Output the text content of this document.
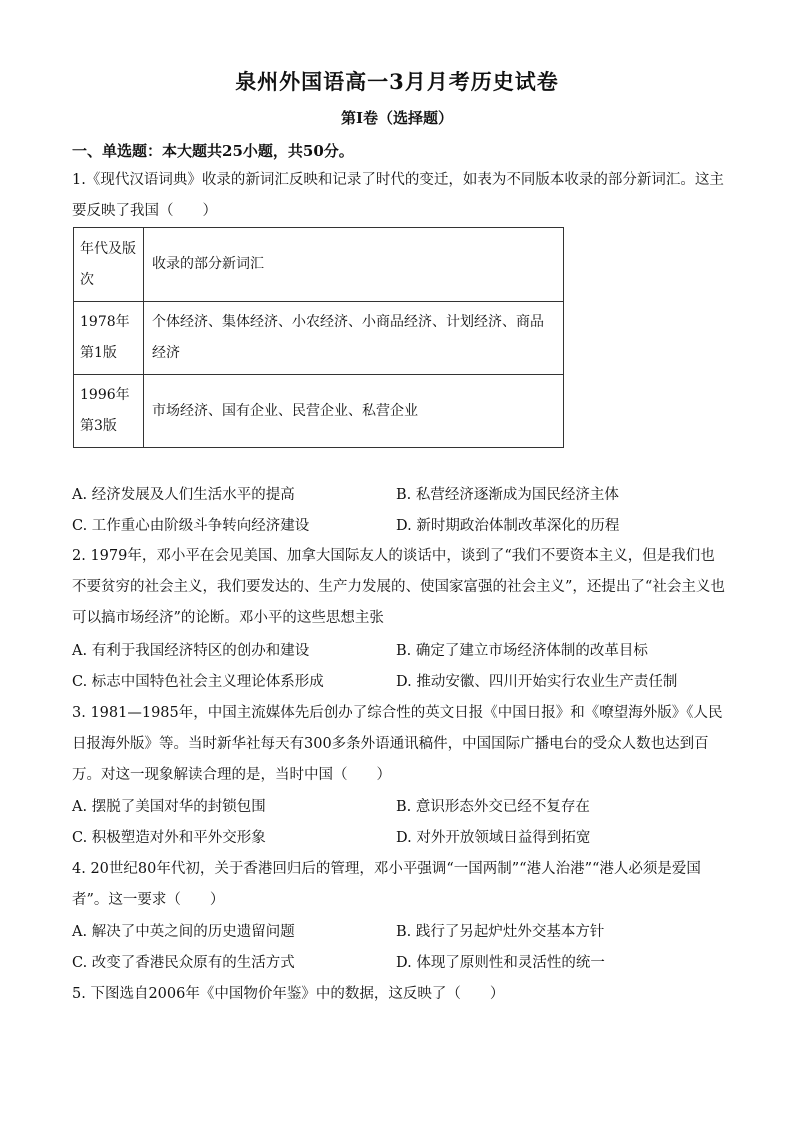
泉州外国语高一3月月考历史试卷
第I卷（选择题）
一、单选题：本大题共25小题，共50分。
1.《现代汉语词典》收录的新词汇反映和记录了时代的变迁，如表为不同版本收录的部分新词汇。这主要反映了我国（　　）
年代及版次	收录的部分新词汇
1978年第1版	个体经济、集体经济、小农经济、小商品经济、计划经济、商品经济
1996年第3版	市场经济、国有企业、民营企业、私营企业
A. 经济发展及人们生活水平的提高	B. 私营经济逐渐成为国民经济主体
C. 工作重心由阶级斗争转向经济建设	D. 新时期政治体制改革深化的历程
2. 1979年，邓小平在会见美国、加拿大国际友人的谈话中，谈到了“我们不要资本主义，但是我们也不要贫穷的社会主义，我们要发达的、生产力发展的、使国家富强的社会主义”，还提出了“社会主义也可以搞市场经济”的论断。邓小平的这些思想主张
A. 有利于我国经济特区的创办和建设	B. 确定了建立市场经济体制的改革目标
C. 标志中国特色社会主义理论体系形成	D. 推动安徽、四川开始实行农业生产责任制
3. 1981—1985年，中国主流媒体先后创办了综合性的英文日报《中国日报》和《嘹望海外版》《人民日报海外版》等。当时新华社每天有300多条外语通讯稿件，中国国际广播电台的受众人数也达到百万。对这一现象解读合理的是，当时中国（　　）
A. 摆脱了美国对华的封锁包围	B. 意识形态外交已经不复存在
C. 积极塑造对外和平外交形象	D. 对外开放领域日益得到拓宽
4. 20世纪80年代初，关于香港回归后的管理，邓小平强调“一国两制”“港人治港”“港人必须是爱国者”。这一要求（　　）
A. 解决了中英之间的历史遗留问题	B. 践行了另起炉灶外交基本方针
C. 改变了香港民众原有的生活方式	D. 体现了原则性和灵活性的统一
5. 下图选自2006年《中国物价年鉴》中的数据，这反映了（　　）
